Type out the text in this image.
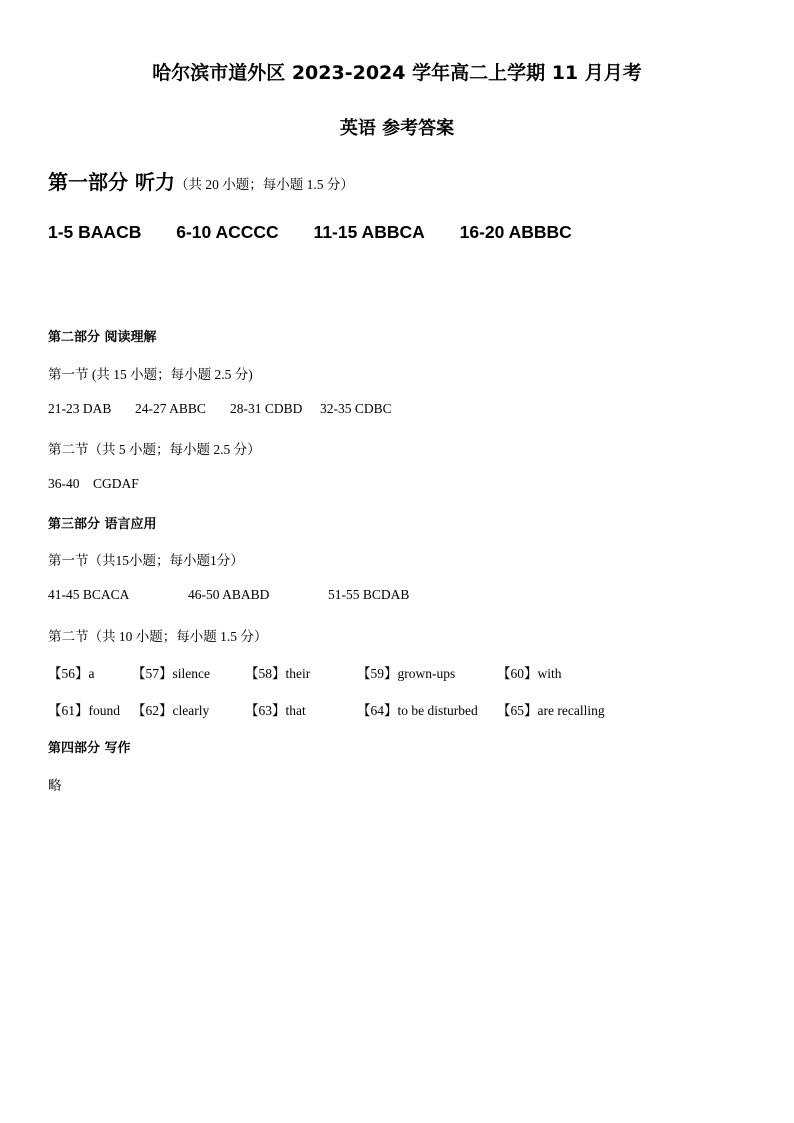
哈尔滨市道外区 2023-2024 学年高二上学期 11 月月考
英语 参考答案
第一部分 听力（共 20 小题；每小题 1.5 分）
1-5 BAACB 6-10 ACCCC 11-15 ABBCA 16-20 ABBBC
第二部分 阅读理解
第一节 (共 15 小题；每小题 2.5 分)
21-23 DAB 24-27 ABBC 28-31 CDBD 32-35 CDBC
第二节（共 5 小题；每小题 2.5 分）
36-40    CGDAF
第三部分 语言应用
第一节（共15小题；每小题1分）
41-45 BCACA	46-50 ABABD	51-55 BCDAB
第二节（共 10 小题；每小题 1.5 分）
【56】a	【57】silence	【58】their	【59】grown-ups	【60】with
【61】found 【62】clearly	【63】that	【64】to be disturbed 【65】are recalling
第四部分 写作
略
